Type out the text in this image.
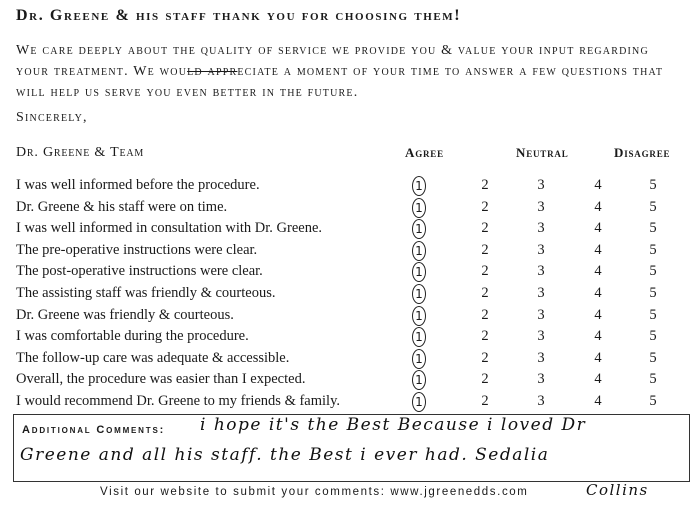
Dr. Greene & his staff thank you for choosing them!
We care deeply about the quality of service we provide you & value your input regarding your treatment. We would appreciate a moment of your time to answer a few questions that will help us serve you even better in the future.
Sincerely,
Dr. Greene & Team	Agree	Neutral	Disagree
I was well informed before the procedure.	1	2	3	4	5
Dr. Greene & his staff were on time.	1	2	3	4	5
I was well informed in consultation with Dr. Greene.	1	2	3	4	5
The pre-operative instructions were clear.	1	2	3	4	5
The post-operative instructions were clear.	1	2	3	4	5
The assisting staff was friendly & courteous.	1	2	3	4	5
Dr. Greene was friendly & courteous.	1	2	3	4	5
I was comfortable during the procedure.	1	2	3	4	5
The follow-up care was adequate & accessible.	1	2	3	4	5
Overall, the procedure was easier than I expected.	1	2	3	4	5
I would recommend Dr. Greene to my friends & family.	1	2	3	4	5
Additional Comments: i hope it's the Best Because i loved Dr
Greene and all his staff. the Best i ever had. Sedalia
Collins
Visit our website to submit your comments: www.jgreenedds.com
